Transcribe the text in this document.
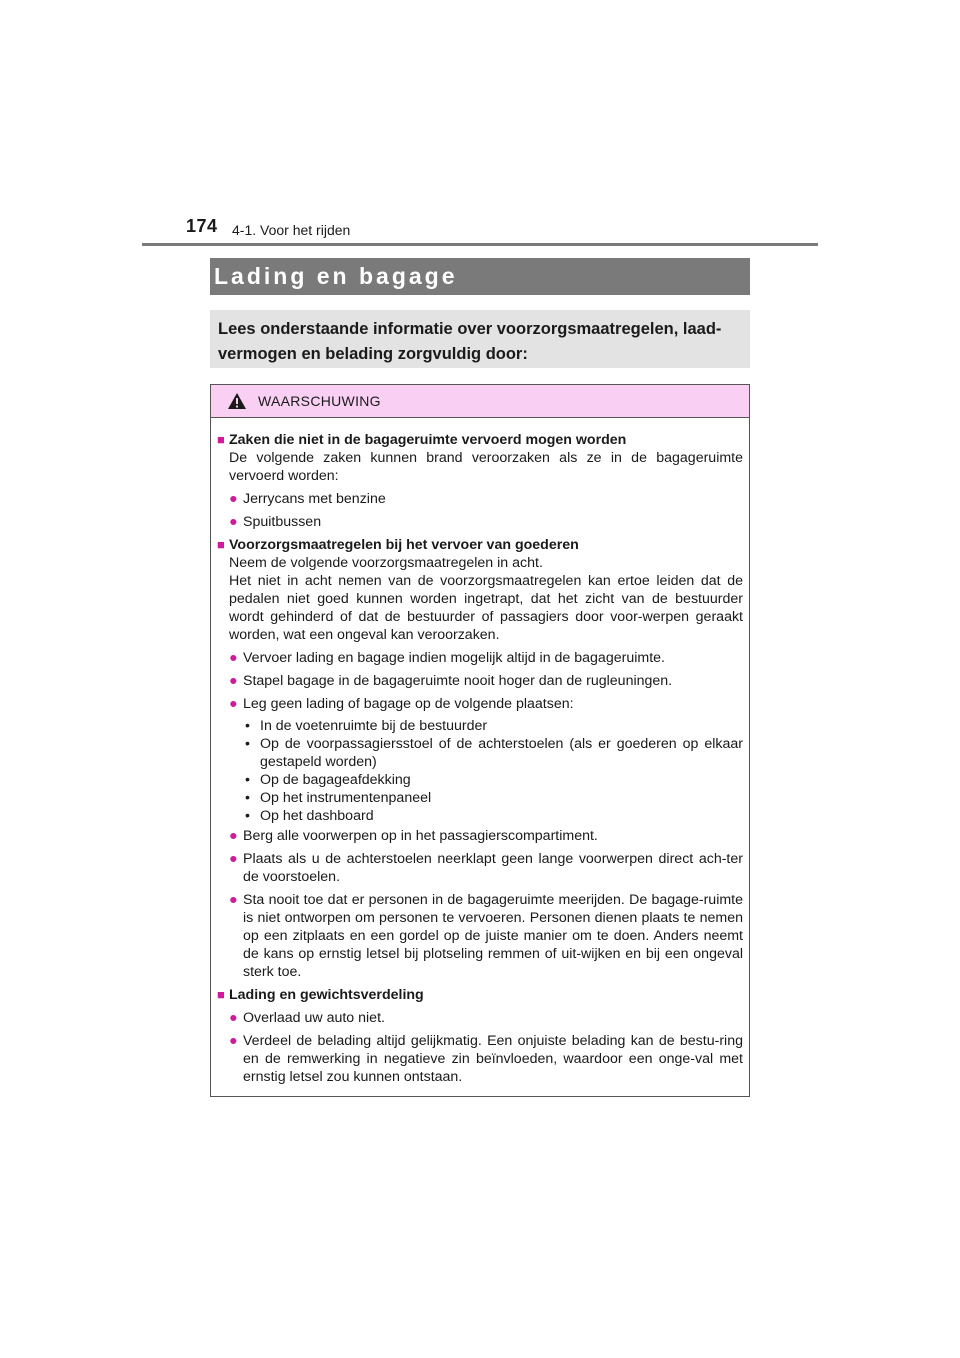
174 4-1. Voor het rijden
Lading en bagage
Lees onderstaande informatie over voorzorgsmaatregelen, laad-vermogen en belading zorgvuldig door:
WAARSCHUWING
■ Zaken die niet in de bagageruimte vervoerd mogen worden
De volgende zaken kunnen brand veroorzaken als ze in de bagageruimte vervoerd worden:
● Jerrycans met benzine
● Spuitbussen
■ Voorzorgsmaatregelen bij het vervoer van goederen
Neem de volgende voorzorgsmaatregelen in acht.
Het niet in acht nemen van de voorzorgsmaatregelen kan ertoe leiden dat de pedalen niet goed kunnen worden ingetrapt, dat het zicht van de bestuurder wordt gehinderd of dat de bestuurder of passagiers door voor-werpen geraakt worden, wat een ongeval kan veroorzaken.
● Vervoer lading en bagage indien mogelijk altijd in de bagageruimte.
● Stapel bagage in de bagageruimte nooit hoger dan de rugleuningen.
● Leg geen lading of bagage op de volgende plaatsen:
• In de voetenruimte bij de bestuurder
• Op de voorpassagiersstoel of de achterstoelen (als er goederen op elkaar gestapeld worden)
• Op de bagageafdekking
• Op het instrumentenpaneel
• Op het dashboard
● Berg alle voorwerpen op in het passagierscompartiment.
● Plaats als u de achterstoelen neerklapt geen lange voorwerpen direct ach-ter de voorstoelen.
● Sta nooit toe dat er personen in de bagageruimte meerijden. De bagage-ruimte is niet ontworpen om personen te vervoeren. Personen dienen plaats te nemen op een zitplaats en een gordel op de juiste manier om te doen. Anders neemt de kans op ernstig letsel bij plotseling remmen of uit-wijken en bij een ongeval sterk toe.
■ Lading en gewichtsverdeling
● Overlaad uw auto niet.
● Verdeel de belading altijd gelijkmatig. Een onjuiste belading kan de bestu-ring en de remwerking in negatieve zin beïnvloeden, waardoor een onge-val met ernstig letsel zou kunnen ontstaan.
